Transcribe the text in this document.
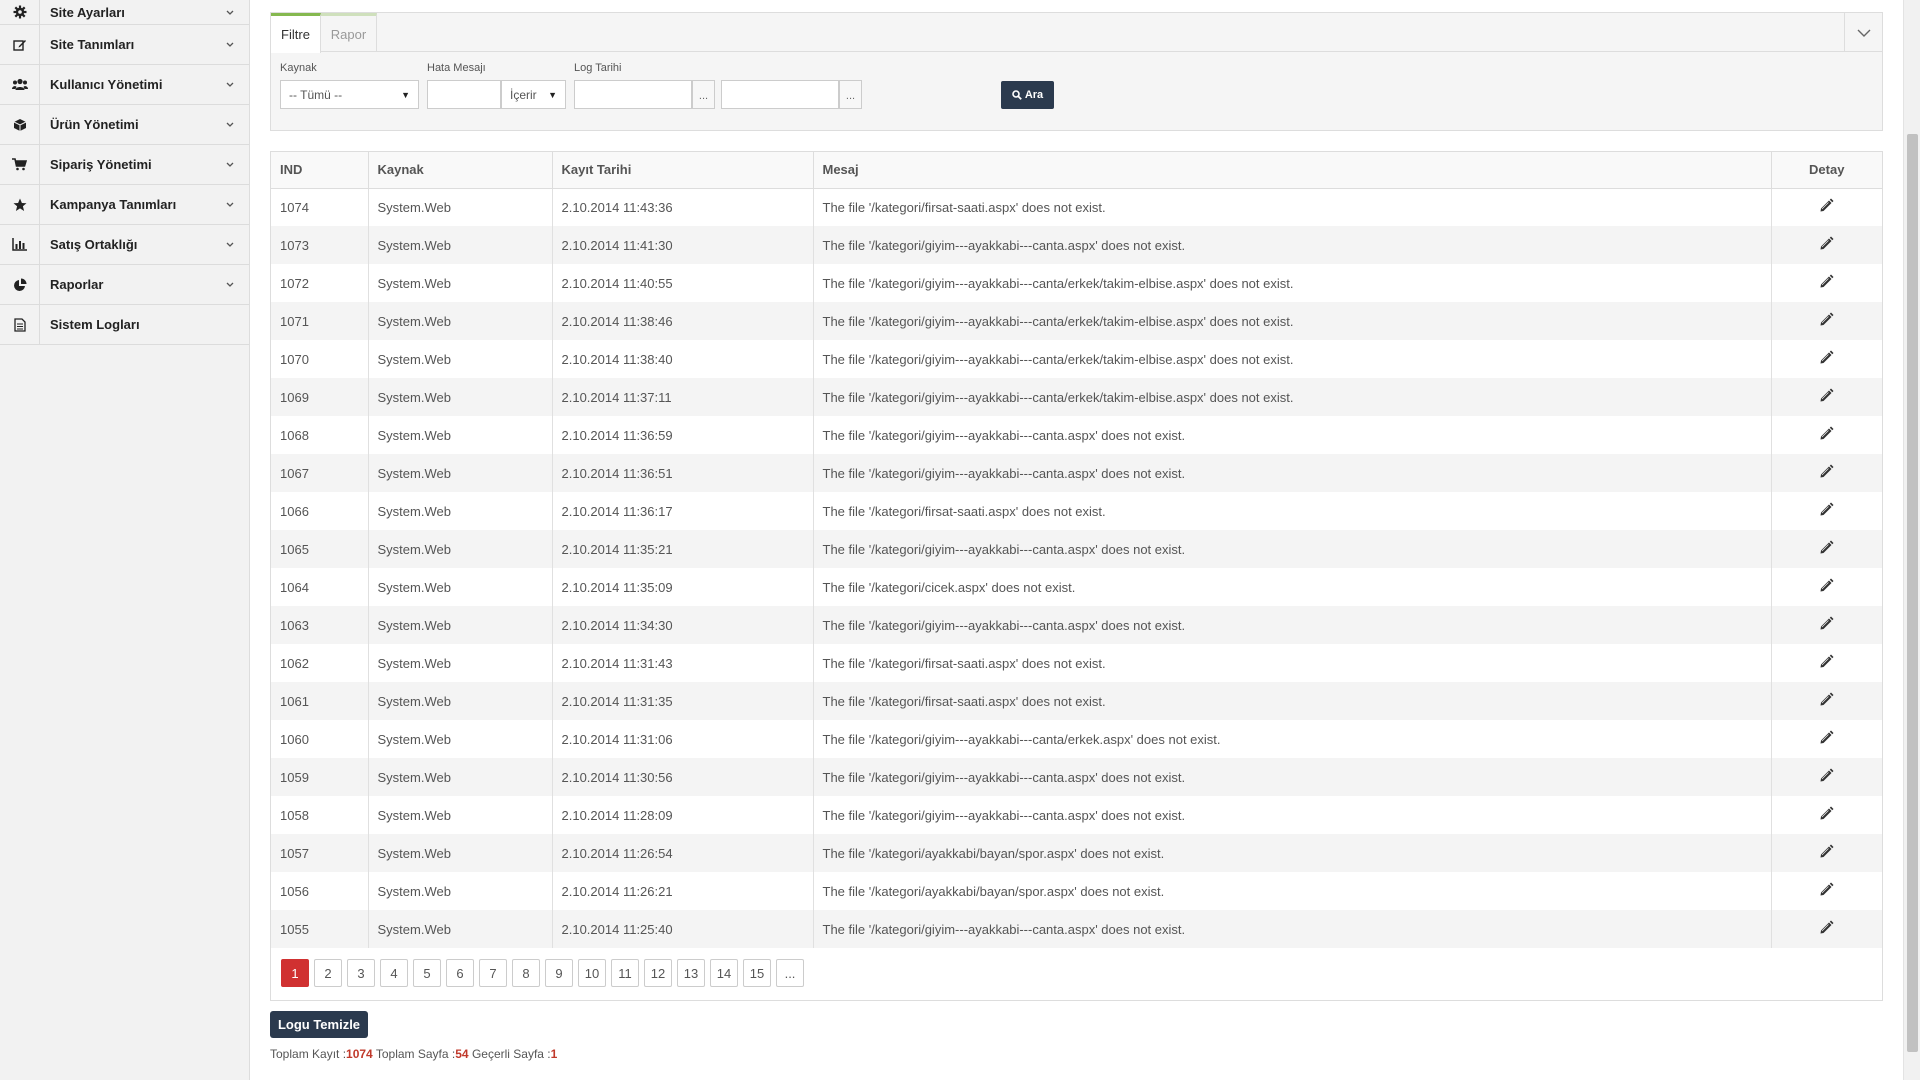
Site Ayarları
Site Tanımları
Kullanıcı Yönetimi
Ürün Yönetimi
Sipariş Yönetimi
Kampanya Tanımları
Satış Ortaklığı
Raporlar
Sistem Logları
Filtre	Rapor
Kaynak
-- Tümü --	▼
Hata Mesajı
İçerir ▼
Log Tarihi
...	...	Ara
IND	Kaynak	Kayıt Tarihi	Mesaj	Detay
1074	System.Web	2.10.2014 11:43:36	The file '/kategori/firsat-saati.aspx' does not exist.	

1073	System.Web	2.10.2014 11:41:30	The file '/kategori/giyim---ayakkabi---canta.aspx' does not exist.	

1072	System.Web	2.10.2014 11:40:55	The file '/kategori/giyim---ayakkabi---canta/erkek/takim-elbise.aspx' does not exist.	

1071	System.Web	2.10.2014 11:38:46	The file '/kategori/giyim---ayakkabi---canta/erkek/takim-elbise.aspx' does not exist.	

1070	System.Web	2.10.2014 11:38:40	The file '/kategori/giyim---ayakkabi---canta/erkek/takim-elbise.aspx' does not exist.	

1069	System.Web	2.10.2014 11:37:11	The file '/kategori/giyim---ayakkabi---canta/erkek/takim-elbise.aspx' does not exist.	

1068	System.Web	2.10.2014 11:36:59	The file '/kategori/giyim---ayakkabi---canta.aspx' does not exist.	

1067	System.Web	2.10.2014 11:36:51	The file '/kategori/giyim---ayakkabi---canta.aspx' does not exist.	

1066	System.Web	2.10.2014 11:36:17	The file '/kategori/firsat-saati.aspx' does not exist.	

1065	System.Web	2.10.2014 11:35:21	The file '/kategori/giyim---ayakkabi---canta.aspx' does not exist.	

1064	System.Web	2.10.2014 11:35:09	The file '/kategori/cicek.aspx' does not exist.	

1063	System.Web	2.10.2014 11:34:30	The file '/kategori/giyim---ayakkabi---canta.aspx' does not exist.	

1062	System.Web	2.10.2014 11:31:43	The file '/kategori/firsat-saati.aspx' does not exist.	

1061	System.Web	2.10.2014 11:31:35	The file '/kategori/firsat-saati.aspx' does not exist.	

1060	System.Web	2.10.2014 11:31:06	The file '/kategori/giyim---ayakkabi---canta/erkek.aspx' does not exist.	

1059	System.Web	2.10.2014 11:30:56	The file '/kategori/giyim---ayakkabi---canta.aspx' does not exist.	

1058	System.Web	2.10.2014 11:28:09	The file '/kategori/giyim---ayakkabi---canta.aspx' does not exist.	

1057	System.Web	2.10.2014 11:26:54	The file '/kategori/ayakkabi/bayan/spor.aspx' does not exist.	

1056	System.Web	2.10.2014 11:26:21	The file '/kategori/ayakkabi/bayan/spor.aspx' does not exist.	

1055	System.Web	2.10.2014 11:25:40	The file '/kategori/giyim---ayakkabi---canta.aspx' does not exist.	
1	2	3	4	5	6	7	8	9	10	11	12	13	14	15	...
Logu Temizle
Toplam Kayıt :1074 Toplam Sayfa :54 Geçerli Sayfa :1
